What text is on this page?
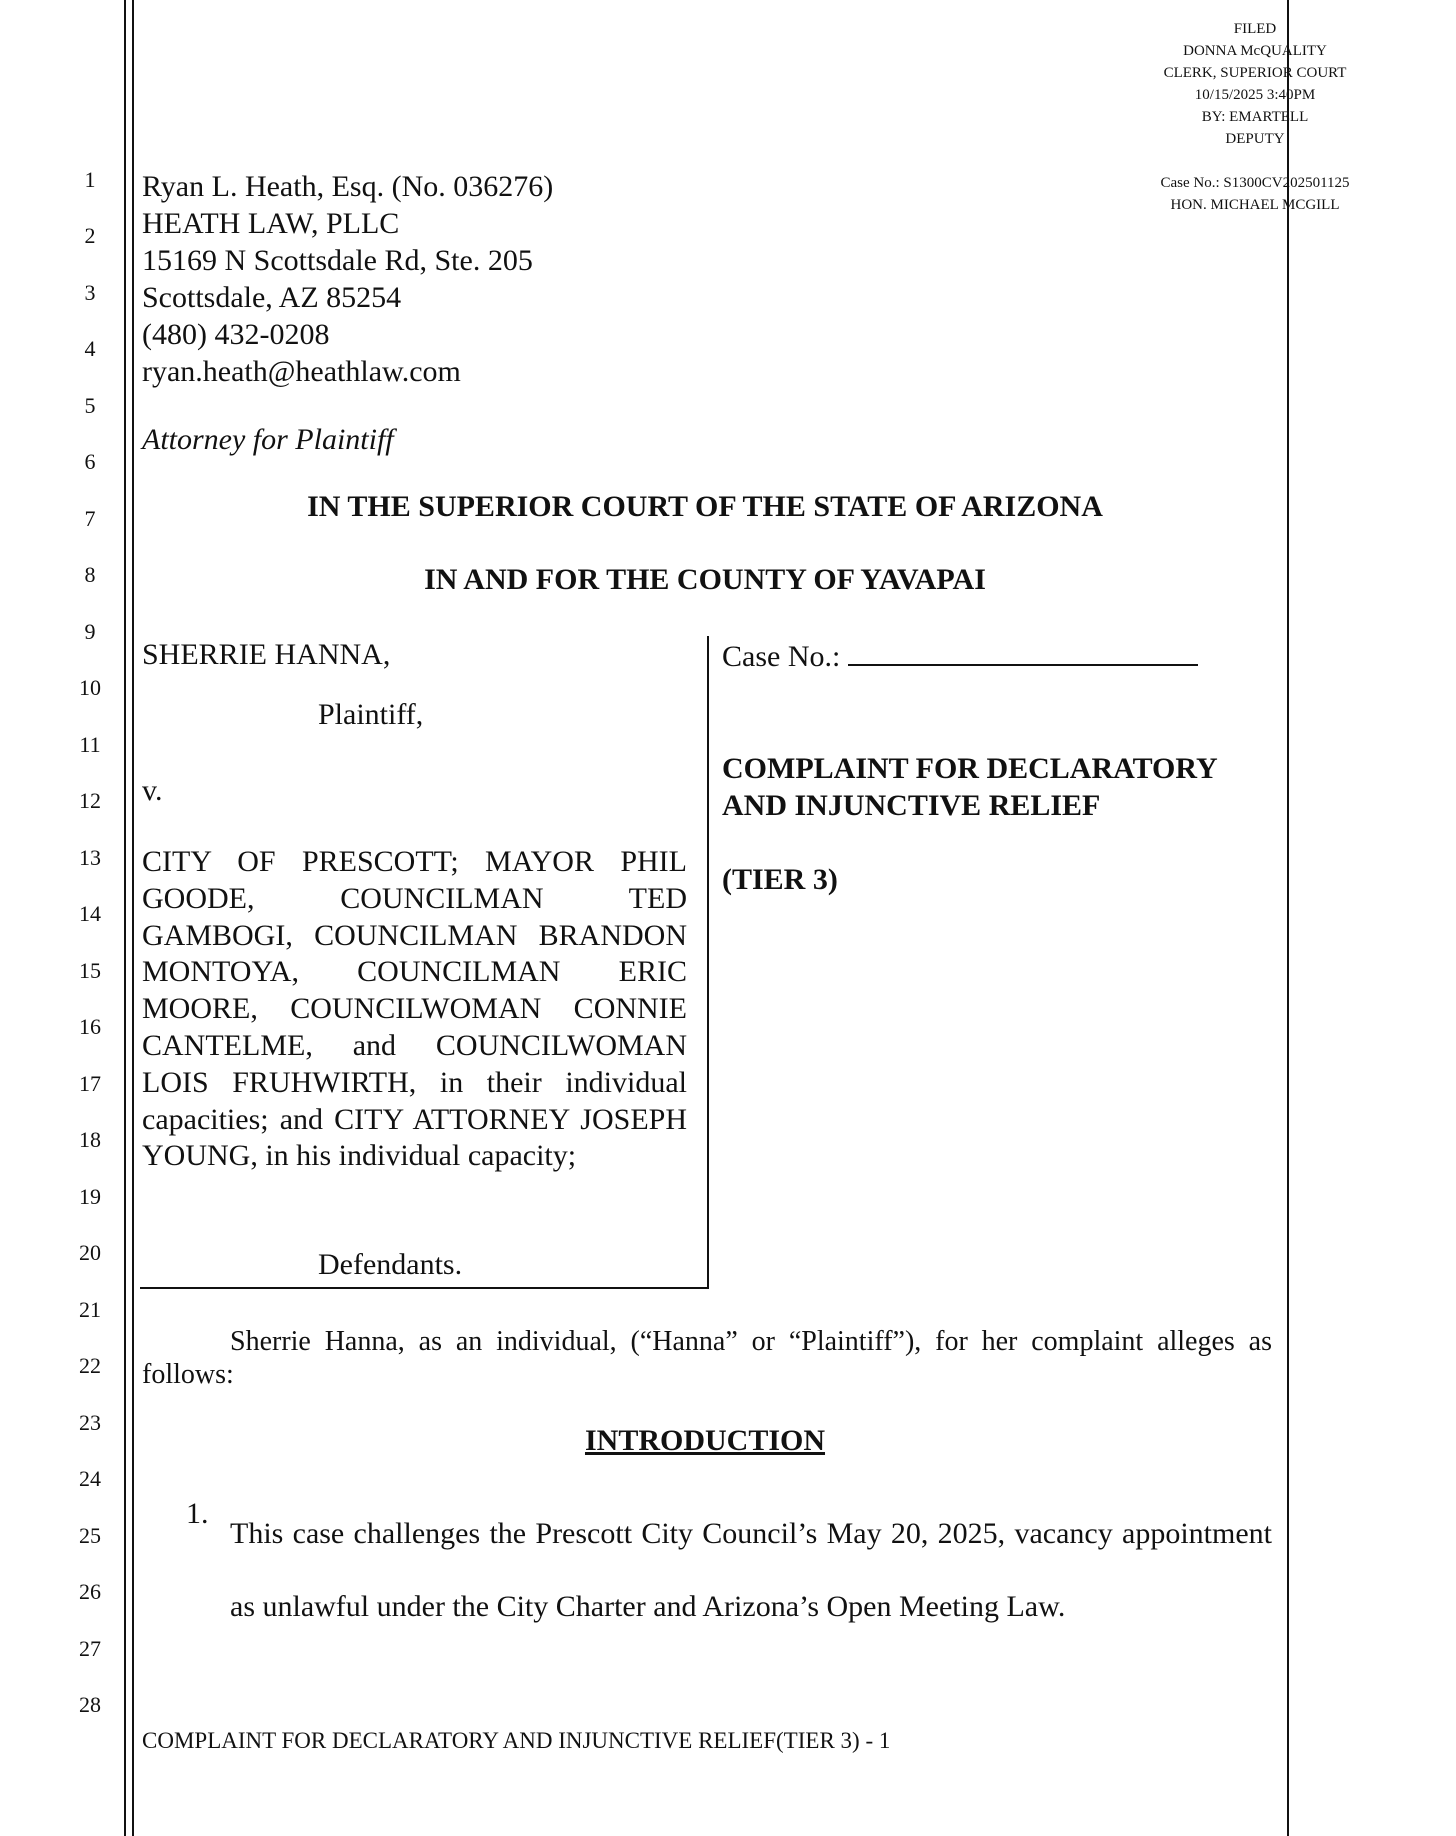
1
2
3
4
5
6
7
8
9
10
11
12
13
14
15
16
17
18
19
20
21
22
23
24
25
26
27
28
FILED
DONNA McQUALITY
CLERK, SUPERIOR COURT
10/15/2025 3:40PM
BY: EMARTELL
DEPUTY
Case No.: S1300CV202501125
HON. MICHAEL MCGILL
Ryan L. Heath, Esq. (No. 036276)
HEATH LAW, PLLC
15169 N Scottsdale Rd, Ste. 205
Scottsdale, AZ 85254
(480) 432-0208
ryan.heath@heathlaw.com
Attorney for Plaintiff
IN THE SUPERIOR COURT OF THE STATE OF ARIZONA
IN AND FOR THE COUNTY OF YAVAPAI
SHERRIE HANNA,
Plaintiff,
v.
CITY OF PRESCOTT; MAYOR PHIL GOODE, COUNCILMAN TED GAMBOGI, COUNCILMAN BRANDON MONTOYA, COUNCILMAN ERIC MOORE, COUNCILWOMAN CONNIE CANTELME, and COUNCILWOMAN LOIS FRUHWIRTH, in their individual capacities; and CITY ATTORNEY JOSEPH YOUNG, in his individual capacity;
Defendants.
Case No.:
COMPLAINT FOR DECLARATORY
AND INJUNCTIVE RELIEF
(TIER 3)
Sherrie Hanna, as an individual, (“Hanna” or “Plaintiff”), for her complaint alleges as follows:
INTRODUCTION
1.
This case challenges the Prescott City Council’s May 20, 2025, vacancy appointment as unlawful under the City Charter and Arizona’s Open Meeting Law.
COMPLAINT FOR DECLARATORY AND INJUNCTIVE RELIEF(TIER 3) - 1
